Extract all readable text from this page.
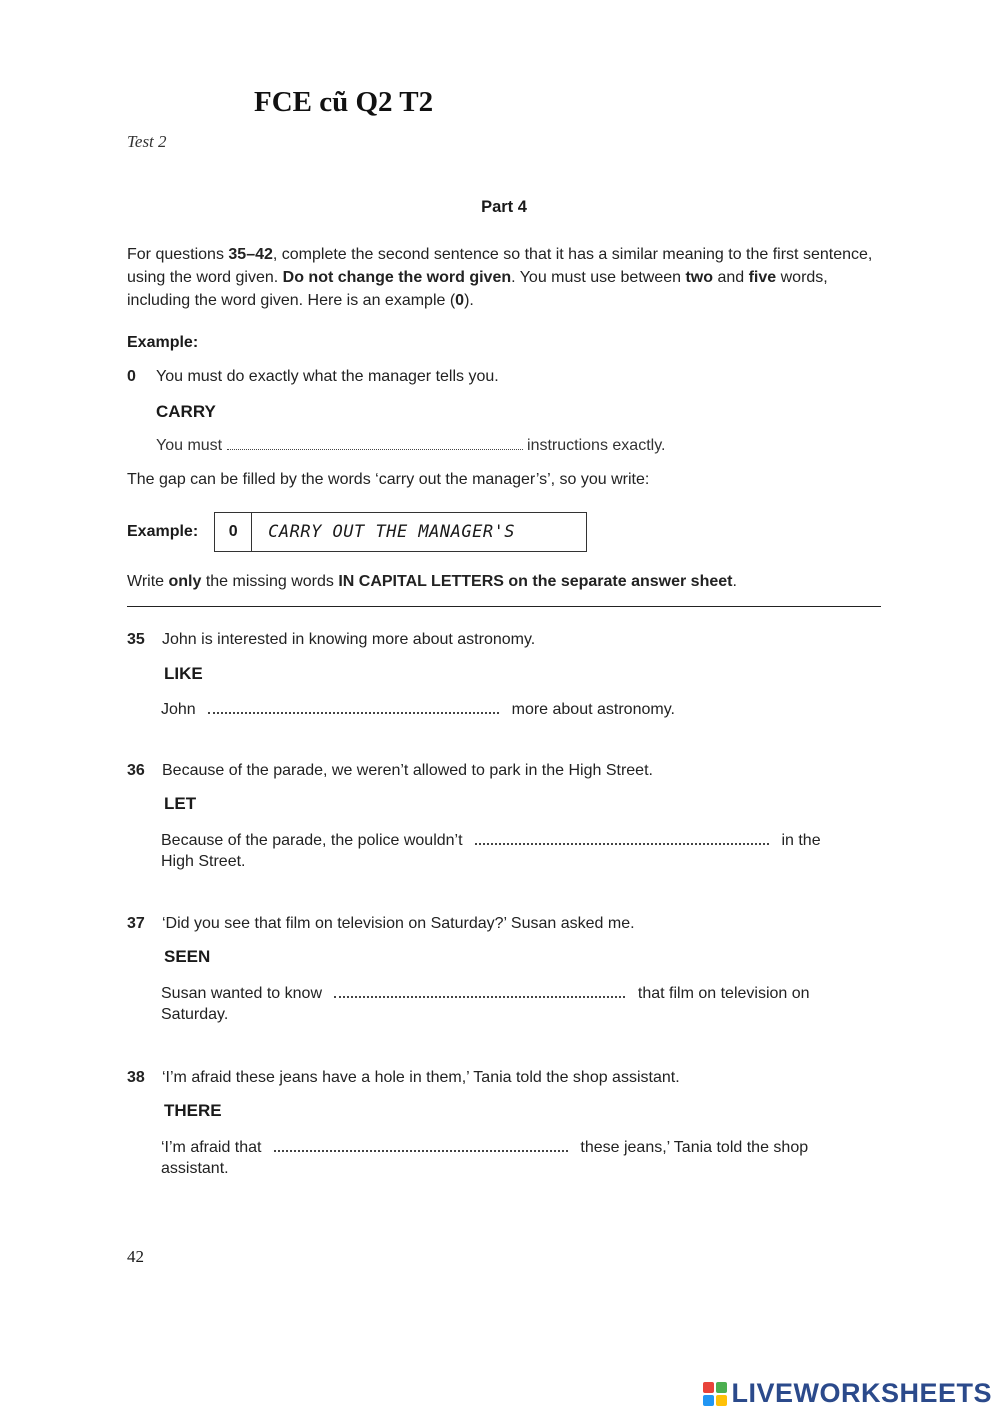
FCE cũ Q2 T2
Test 2
Part 4
For questions 35–42, complete the second sentence so that it has a similar meaning to the first sentence, using the word given. Do not change the word given. You must use between two and five words, including the word given. Here is an example (0).
Example:
0 You must do exactly what the manager tells you.
CARRY
You must	instructions exactly.
The gap can be filled by the words ‘carry out the manager’s’, so you write:
Example:	0	CARRY OUT THE MANAGER'S
Write only the missing words IN CAPITAL LETTERS on the separate answer sheet.
35 John is interested in knowing more about astronomy.
LIKE
John	more about astronomy.
36 Because of the parade, we weren’t allowed to park in the High Street.
LET
Because of the parade, the police wouldn’t	in the
High Street.
37 ‘Did you see that film on television on Saturday?’ Susan asked me.
SEEN
Susan wanted to know	that film on television on
Saturday.
38 ‘I’m afraid these jeans have a hole in them,’ Tania told the shop assistant.
THERE
‘I’m afraid that	these jeans,’ Tania told the shop
assistant.
42
LIVEWORKSHEETS
